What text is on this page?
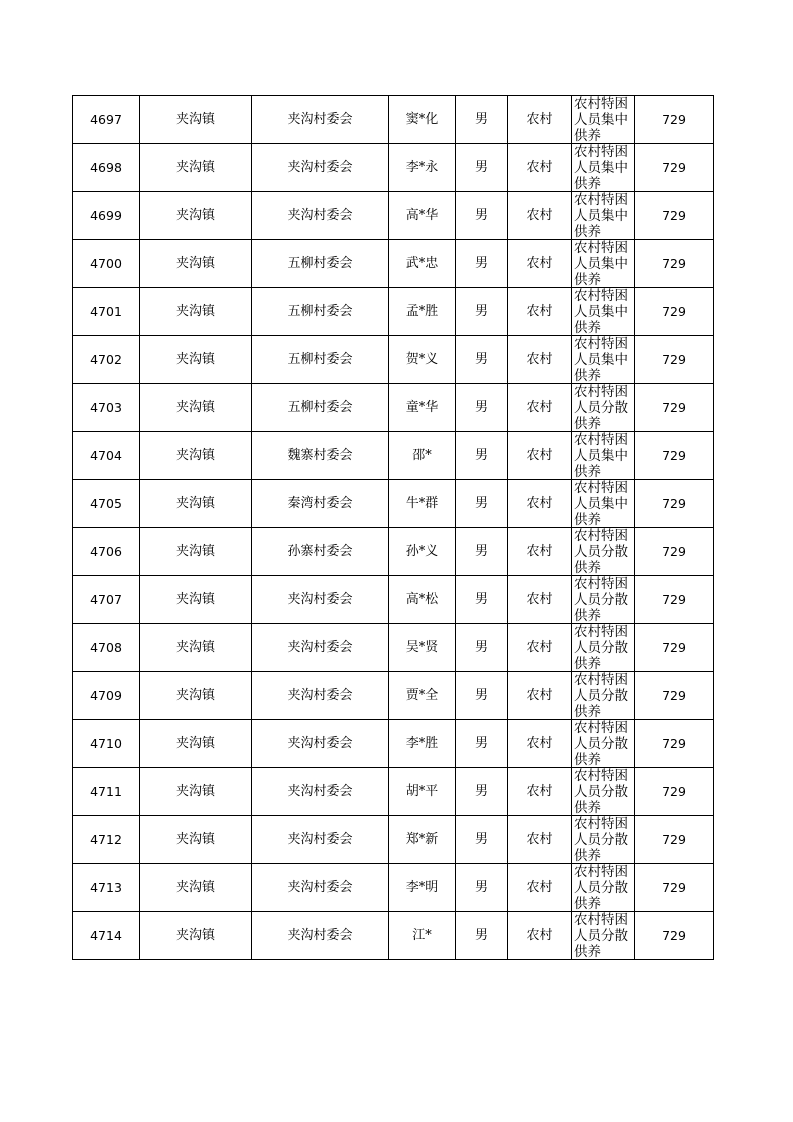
4697	夹沟镇	夹沟村委会	窦*化	男	农村	农村特困人员集中供养	729
4698	夹沟镇	夹沟村委会	李*永	男	农村	农村特困人员集中供养	729
4699	夹沟镇	夹沟村委会	高*华	男	农村	农村特困人员集中供养	729
4700	夹沟镇	五柳村委会	武*忠	男	农村	农村特困人员集中供养	729
4701	夹沟镇	五柳村委会	孟*胜	男	农村	农村特困人员集中供养	729
4702	夹沟镇	五柳村委会	贺*义	男	农村	农村特困人员集中供养	729
4703	夹沟镇	五柳村委会	童*华	男	农村	农村特困人员分散供养	729
4704	夹沟镇	魏寨村委会	邵*	男	农村	农村特困人员集中供养	729
4705	夹沟镇	秦湾村委会	牛*群	男	农村	农村特困人员集中供养	729
4706	夹沟镇	孙寨村委会	孙*义	男	农村	农村特困人员分散供养	729
4707	夹沟镇	夹沟村委会	高*松	男	农村	农村特困人员分散供养	729
4708	夹沟镇	夹沟村委会	吴*贤	男	农村	农村特困人员分散供养	729
4709	夹沟镇	夹沟村委会	贾*全	男	农村	农村特困人员分散供养	729
4710	夹沟镇	夹沟村委会	李*胜	男	农村	农村特困人员分散供养	729
4711	夹沟镇	夹沟村委会	胡*平	男	农村	农村特困人员分散供养	729
4712	夹沟镇	夹沟村委会	郑*新	男	农村	农村特困人员分散供养	729
4713	夹沟镇	夹沟村委会	李*明	男	农村	农村特困人员分散供养	729
4714	夹沟镇	夹沟村委会	江*	男	农村	农村特困人员分散供养	729
